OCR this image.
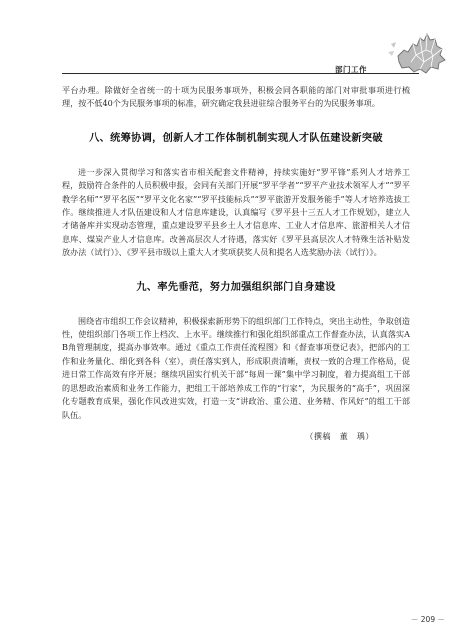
部门工作

平台办理。除做好全省统一的十项为民服务事项外，积极会同各职能的部门对审批事项进行梳理，按不低40个为民服务事项的标准，研究确定我县进驻综合服务平台的为民服务事项。

八、统筹协调，创新人才工作体制机制实现人才队伍建设新突破

进一步深入贯彻学习和落实省市相关配套文件精神，持续实施好“罗平锋”系列人才培养工程，鼓励符合条件的人员积极申报，会同有关部门开展“罗平学者”“罗平产业技术领军人才”“罗平教学名师”“罗平名医”“罗平文化名家”“罗平技能标兵”“罗平旅游开发服务能手”等人才培养选拔工作。继续推进人才队伍建设和人才信息库建设，认真编写《罗平县十三五人才工作规划》，建立人才储备库并实现动态管理，重点建设罗平县乡土人才信息库、工业人才信息库、旅游相关人才信息库、煤炭产业人才信息库。改善高层次人才待遇，落实好《罗平县高层次人才特殊生活补贴发放办法（试行）》、《罗平县市级以上重大人才奖项获奖人员和提名人选奖励办法（试行）》。

九、率先垂范，努力加强组织部门自身建设

围绕省市组织工作会议精神，积极探索新形势下的组织部门工作特点，突出主动性，争取创造性，使组织部门各项工作上档次、上水平。继续推行和强化组织部重点工作督查办法，认真落实AB角管理制度，提高办事效率。通过《重点工作责任流程图》和《督查事项登记表》，把部内的工作和业务量化、细化到各科（室），责任落实到人，形成职责清晰，责权一致的合理工作格局，促进日常工作高效有序开展；继续巩固实行机关干部“每周一课”集中学习制度，着力提高组工干部的思想政治素质和业务工作能力，把组工干部培养成工作的“行家”，为民服务的“高手”，巩固深化专题教育成果，强化作风改进实效，打造一支“讲政治、重公道、业务精、作风好”的组工干部队伍。

（撰稿　董　瑀）
－ 209 －
